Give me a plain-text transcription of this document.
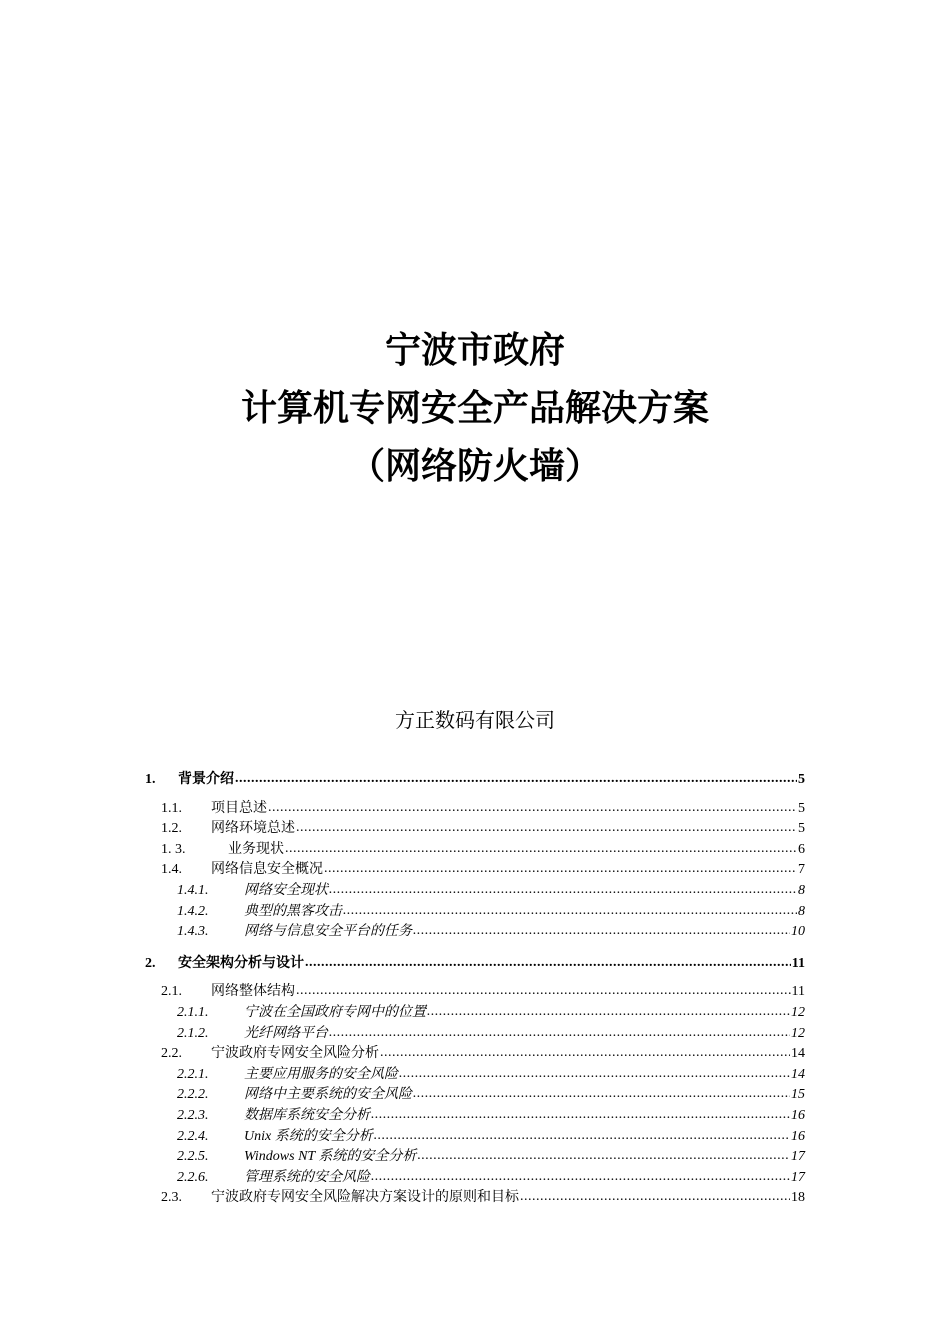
宁波市政府
计算机专网安全产品解决方案
（网络防火墙）
方正数码有限公司
1.	背景介绍 .....	5
1.1.	项目总述 .....	5
1.2.	网络环境总述 .....	5
1. 3.	业务现状 .....	6
1.4.	网络信息安全概况 .....	7
1.4.1.	网络安全现状 .....	8
1.4.2.	典型的黑客攻击 .....	8
1.4.3.	网络与信息安全平台的任务 .....	10
2.	安全架构分析与设计 .....	11
2.1.	网络整体结构 .....	11
2.1.1.	宁波在全国政府专网中的位置 .....	12
2.1.2.	光纤网络平台 .....	12
2.2.	宁波政府专网安全风险分析 .....	14
2.2.1.	主要应用服务的安全风险 .....	14
2.2.2.	网络中主要系统的安全风险 .....	15
2.2.3.	数据库系统安全分析 .....	16
2.2.4.	Unix 系统的安全分析 .....	16
2.2.5.	Windows NT 系统的安全分析 .....	17
2.2.6.	管理系统的安全风险 .....	17
2.3.	宁波政府专网安全风险解决方案设计的原则和目标 .....	18
